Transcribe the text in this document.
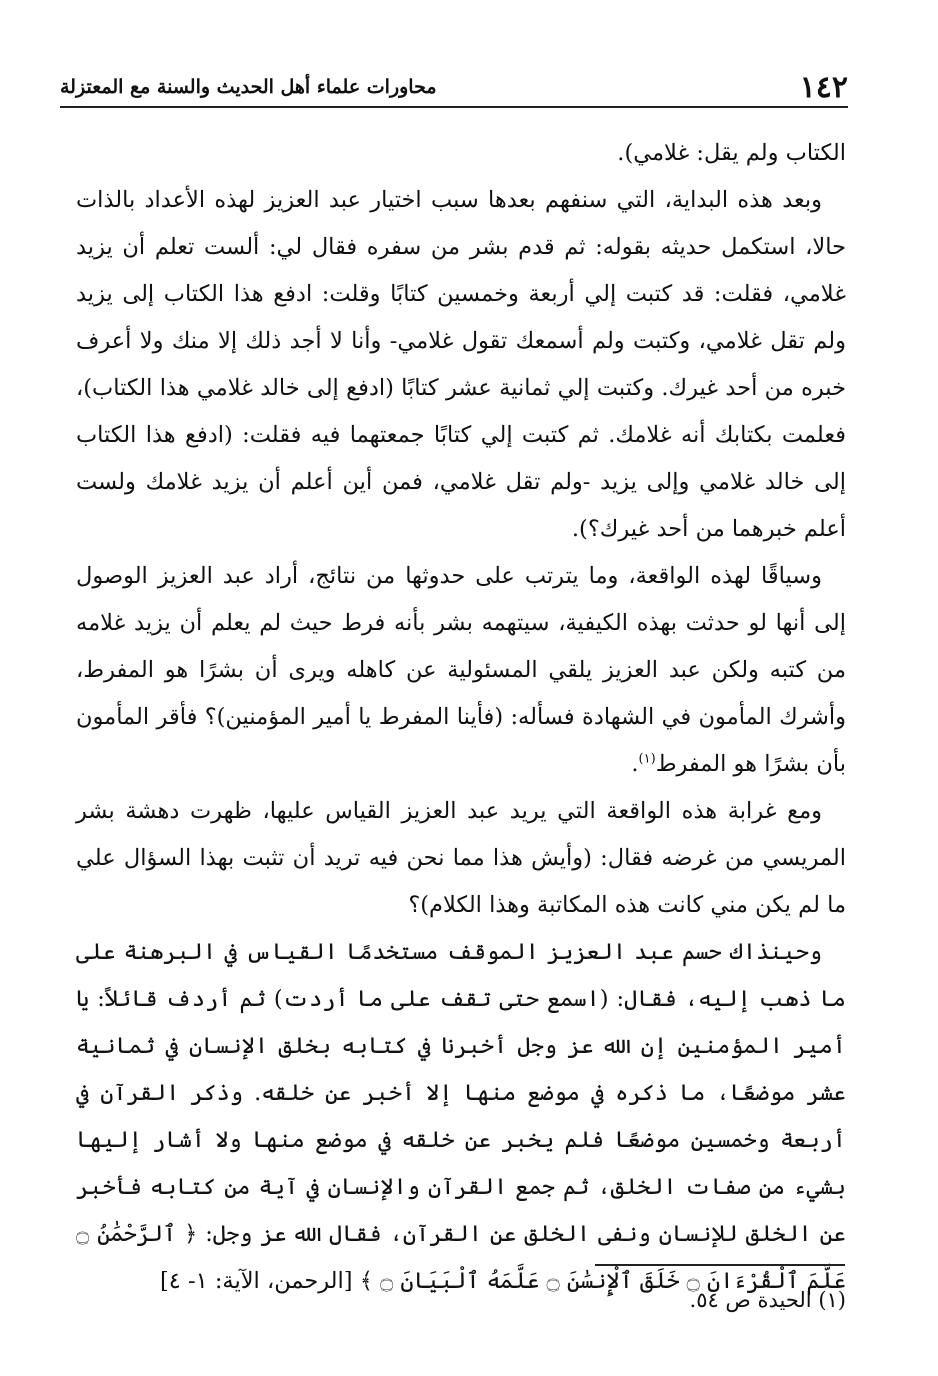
١٤٢
محاورات علماء أهل الحديث والسنة مع المعتزلة

الكتاب ولم يقل: غلامي).

وبعد هذه البداية، التي سنفهم بعدها سبب اختيار عبد العزيز لهذه الأعداد بالذات حالا، استكمل حديثه بقوله: ثم قدم بشر من سفره فقال لي: ألست تعلم أن يزيد غلامي، فقلت: قد كتبت إلي أربعة وخمسين كتابًا وقلت: ادفع هذا الكتاب إلى يزيد ولم تقل غلامي، وكتبت ولم أسمعك تقول غلامي- وأنا لا أجد ذلك إلا منك ولا أعرف خبره من أحد غيرك. وكتبت إلي ثمانية عشر كتابًا (ادفع إلى خالد غلامي هذا الكتاب)، فعلمت بكتابك أنه غلامك. ثم كتبت إلي كتابًا جمعتهما فيه فقلت: (ادفع هذا الكتاب إلى خالد غلامي وإلى يزيد -ولم تقل غلامي، فمن أين أعلم أن يزيد غلامك ولست أعلم خبرهما من أحد غيرك؟).

وسياقًا لهذه الواقعة، وما يترتب على حدوثها من نتائج، أراد عبد العزيز الوصول إلى أنها لو حدثت بهذه الكيفية، سيتهمه بشر بأنه فرط حيث لم يعلم أن يزيد غلامه من كتبه ولكن عبد العزيز يلقي المسئولية عن كاهله ويرى أن بشرًا هو المفرط، وأشرك المأمون في الشهادة فسأله: (فأينا المفرط يا أمير المؤمنين)؟ فأقر المأمون بأن بشرًا هو المفرط$^{(١)}$.

ومع غرابة هذه الواقعة التي يريد عبد العزيز القياس عليها، ظهرت دهشة بشر المريسي من غرضه فقال: (وأيش هذا مما نحن فيه تريد أن تثبت بهذا السؤال علي ما لم يكن مني كانت هذه المكاتبة وهذا الكلام)؟

وحينذاك حسم عبد العزيز الموقف مستخدمًا القياس في البرهنة على ما ذهب إليه، فقال: (اسمع حتى تقف على ما أردت) ثم أردف قائلاً: يا أمير المؤمنين إن الله عز وجل أخبرنا في كتابه بخلق الإنسان في ثمانية عشر موضعًا، ما ذكره في موضع منها إلا أخبر عن خلقه. وذكر القرآن في أربعة وخمسين موضعًا فلم يخبر عن خلقه في موضع منها ولا أشار إليها بشيء من صفات الخلق، ثم جمع القرآن والإنسان في آية من كتابه فأخبر عن الخلق للإنسان ونفى الخلق عن القرآن، فقال الله عز وجل: ﴿ ٱلرَّحْمَٰنُ ۝ عَلَّمَ ٱلْقُرْءَانَ ۝ خَلَقَ ٱلْإِنسَٰنَ ۝ عَلَّمَهُ ٱلْبَيَانَ ۝ ﴾ [الرحمن، الآية: ١- ٤]

(١) الحيدة ص ٥٤.
